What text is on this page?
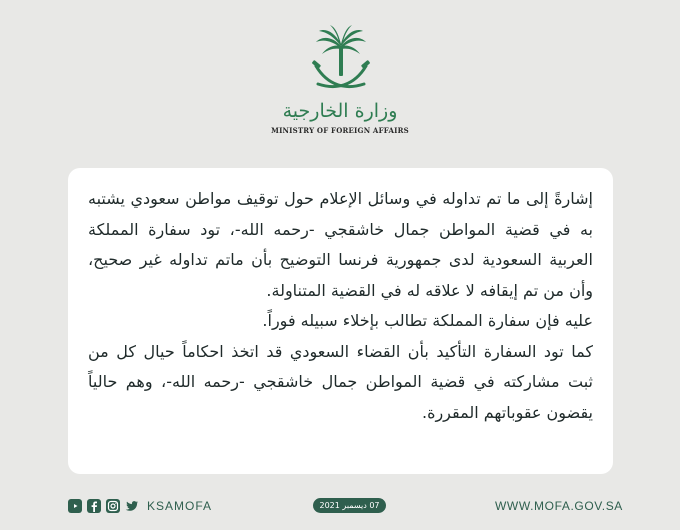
وزارة الخارجية
MINISTRY OF FOREIGN AFFAIRS

إشارةً إلى ما تم تداوله في وسائل الإعلام حول توقيف مواطن سعودي يشتبه به في قضية المواطن جمال خاشقجي -رحمه الله-، تود سفارة المملكة العربية السعودية لدى جمهورية فرنسا التوضيح بأن ماتم تداوله غير صحيح، وأن من تم إيقافه لا علاقه له في القضية المتناولة.

عليه فإن سفارة المملكة تطالب بإخلاء سبيله فوراً.

كما تود السفارة التأكيد بأن القضاء السعودي قد اتخذ احكاماً حيال كل من ثبت مشاركته في قضية المواطن جمال خاشقجي -رحمه الله-، وهم حالياً يقضون عقوباتهم المقررة.

KSAMOFA	07 ديسمبر 2021	WWW.MOFA.GOV.SA
